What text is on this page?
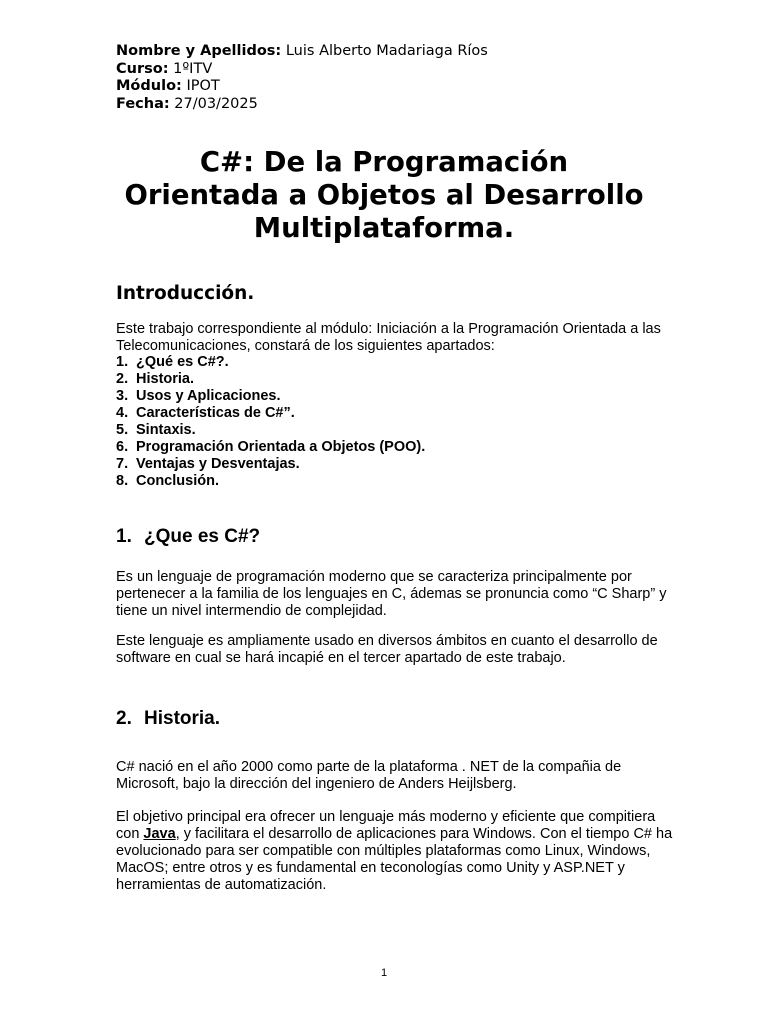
Nombre y Apellidos: Luis Alberto Madariaga Ríos
Curso: 1ºITV
Módulo: IPOT
Fecha: 27/03/2025
C#: De la Programación
Orientada a Objetos al Desarrollo
Multiplataforma.
Introducción.

Este trabajo correspondiente al módulo: Iniciación a la Programación Orientada a las Telecomunicaciones, constará de los siguientes apartados:

1. ¿Qué es C#?.
2. Historia.
3. Usos y Aplicaciones.
4. Características de C#”.
5. Sintaxis.
6. Programación Orientada a Objetos (POO).
7. Ventajas y Desventajas.
8. Conclusión.
1. ¿Que es C#?

Es un lenguaje de programación moderno que se caracteriza principalmente por pertenecer a la familia de los lenguajes en C, ádemas se pronuncia como “C Sharp” y tiene un nivel intermendio de complejidad.

Este lenguaje es ampliamente usado en diversos ámbitos en cuanto el desarrollo de software en cual se hará incapié en el tercer apartado de este trabajo.

2. Historia.

C# nació en el año 2000 como parte de la plataforma . NET de la compañia de Microsoft, bajo la dirección del ingeniero de Anders Heijlsberg.

El objetivo principal era ofrecer un lenguaje más moderno y eficiente que compitiera con Java, y facilitara el desarrollo de aplicaciones para Windows. Con el tiempo C# ha evolucionado para ser compatible con múltiples plataformas como Linux, Windows, MacOS; entre otros y es fundamental en teconologías como Unity y ASP.NET y herramientas de automatización.

1
